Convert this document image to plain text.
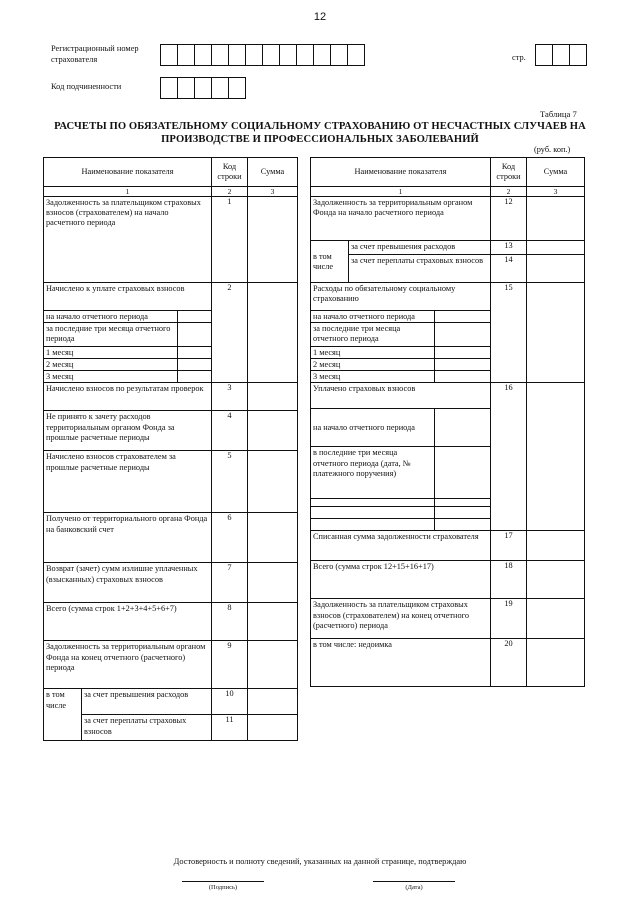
12
Регистрационный номер страхователя	стр.
Код подчиненности
Таблица 7
РАСЧЕТЫ ПО ОБЯЗАТЕЛЬНОМУ СОЦИАЛЬНОМУ СТРАХОВАНИЮ ОТ НЕСЧАСТНЫХ СЛУЧАЕВ НА
ПРОИЗВОДСТВЕ И ПРОФЕССИОНАЛЬНЫХ ЗАБОЛЕВАНИЙ
(руб. коп.)
Наименование показателя			Код строки	Сумма
1			2	3
Задолженность за плательщиком страховых взносов (страхователем) на начало расчетного периода			1	
Начислено к уплате страховых взносов			2	
на начало отчетного периода				
за последние три месяца отчетного периода				
1 месяц				
2 месяц				
3 месяц				
Начислено взносов по результатам проверок			3	
Не принято к зачету расходов территориальным органом Фонда за прошлые расчетные периоды			4	
Начислено взносов страхователем за прошлые расчетные периоды			5	
Получено от территориального органа Фонда на банковский счет			6	
Возврат (зачет) сумм излишне уплаченных (взысканных) страховых взносов			7	
Всего (сумма строк 1+2+3+4+5+6+7)			8	
Задолженность за территориальным органом Фонда на конец отчетного (расчетного) периода			9	
в том числе	за счет превышения расходов		10	
	за счет переплаты страховых взносов		11	
Наименование показателя			Код строки	Сумма
1			2	3
Задолженность за территориальным органом Фонда на начало расчетного периода			12	
в том числе	за счет превышения расходов		13	
	за счет переплаты страховых взносов		14	
Расходы по обязательному социальному страхованию			15	
на начало отчетного периода				
за последние три месяца отчетного периода				
1 месяц				
2 месяц				
3 месяц				
Уплачено страховых взносов			16	
на начало отчетного периода				
в последние три месяца отчетного периода (дата, № платежного поручения)				

Списанная сумма задолженности страхователя			17	
Всего (сумма строк 12+15+16+17)			18	
Задолженность за плательщиком страховых взносов (страхователем) на конец отчетного (расчетного) периода			19	

в том числе: недоимка			20	
Достоверность и полноту сведений, указанных на данной странице, подтверждаю
(Подпись)	(Дата)
